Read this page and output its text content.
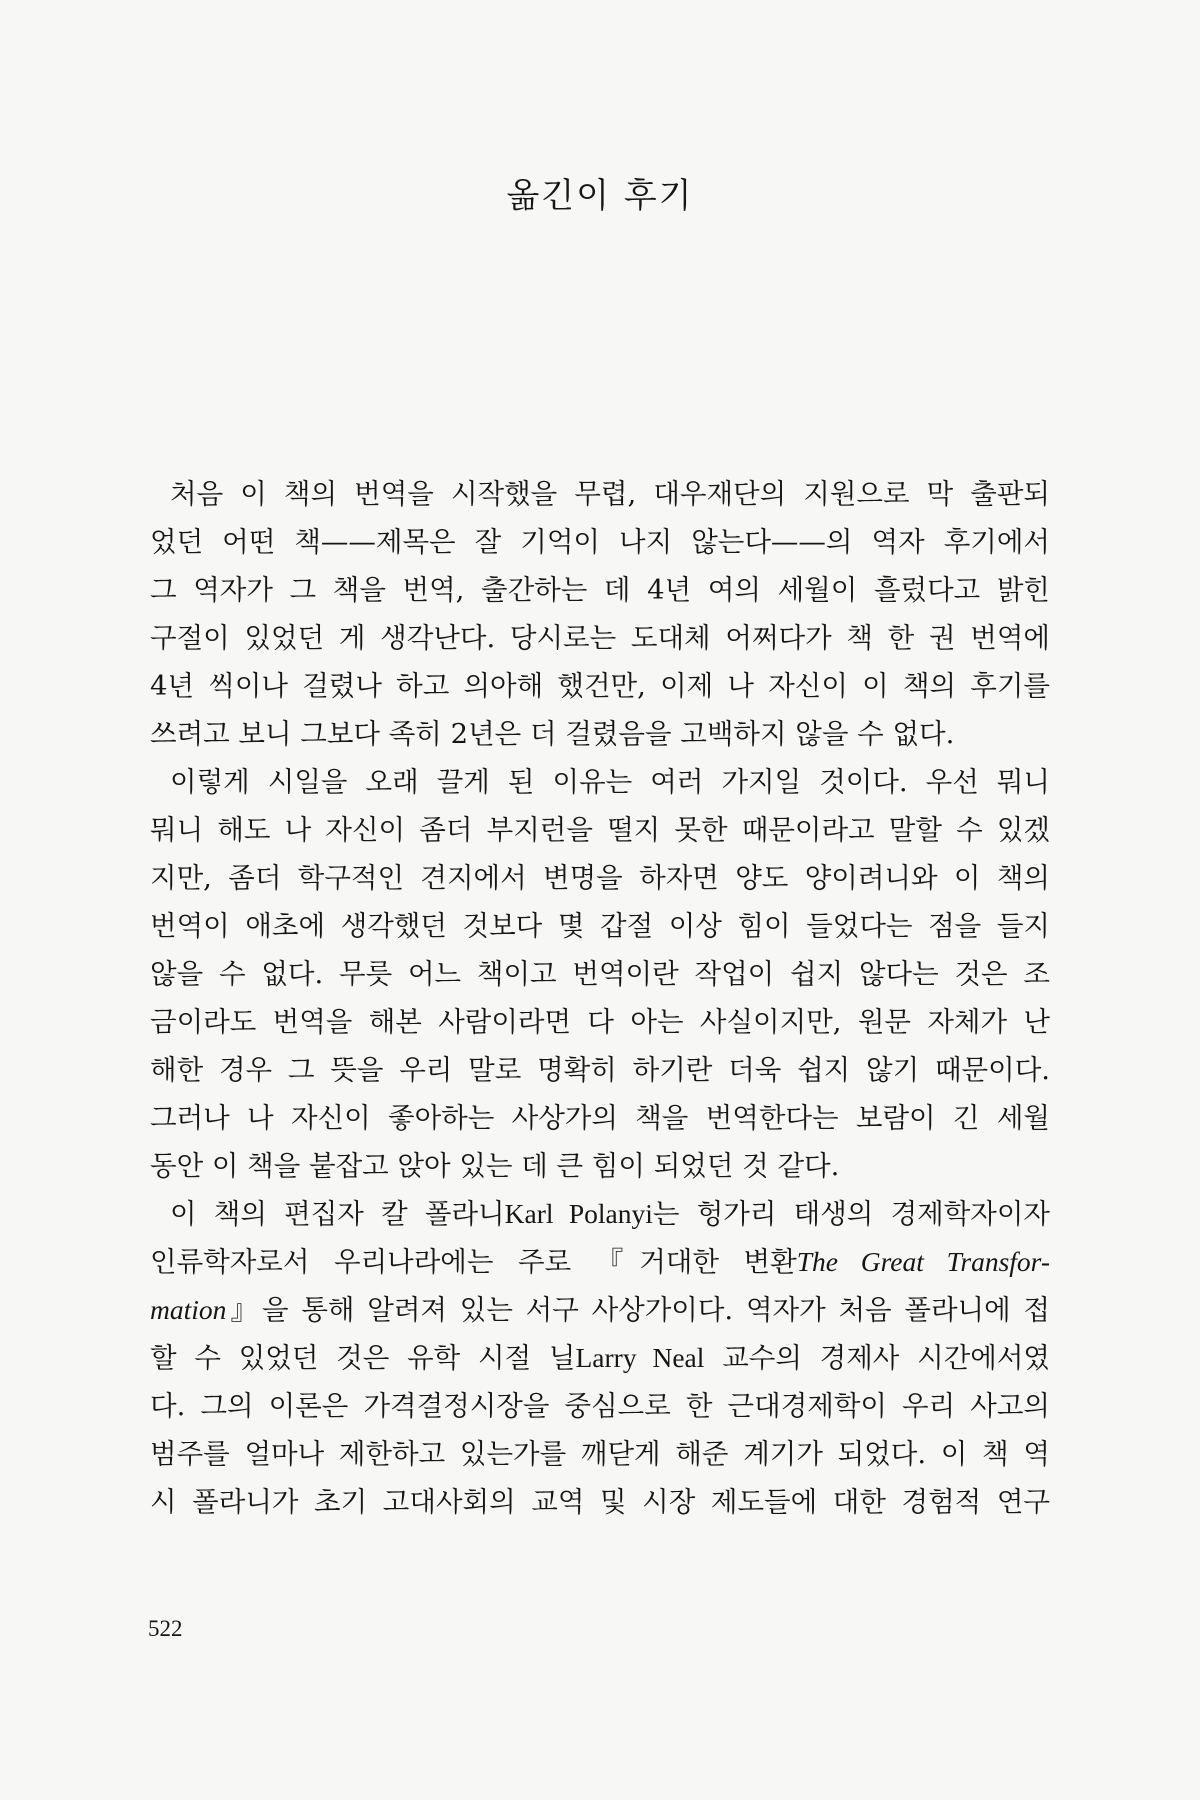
옮긴이 후기
처음 이 책의 번역을 시작했을 무렵, 대우재단의 지원으로 막 출판되
었던 어떤 책——제목은 잘 기억이 나지 않는다——의 역자 후기에서
그 역자가 그 책을 번역, 출간하는 데 4년 여의 세월이 흘렀다고 밝힌
구절이 있었던 게 생각난다. 당시로는 도대체 어쩌다가 책 한 권 번역에
4년 씩이나 걸렸나 하고 의아해 했건만, 이제 나 자신이 이 책의 후기를
쓰려고 보니 그보다 족히 2년은 더 걸렸음을 고백하지 않을 수 없다.
이렇게 시일을 오래 끌게 된 이유는 여러 가지일 것이다. 우선 뭐니
뭐니 해도 나 자신이 좀더 부지런을 떨지 못한 때문이라고 말할 수 있겠
지만, 좀더 학구적인 견지에서 변명을 하자면 양도 양이려니와 이 책의
번역이 애초에 생각했던 것보다 몇 갑절 이상 힘이 들었다는 점을 들지
않을 수 없다. 무릇 어느 책이고 번역이란 작업이 쉽지 않다는 것은 조
금이라도 번역을 해본 사람이라면 다 아는 사실이지만, 원문 자체가 난
해한 경우 그 뜻을 우리 말로 명확히 하기란 더욱 쉽지 않기 때문이다.
그러나 나 자신이 좋아하는 사상가의 책을 번역한다는 보람이 긴 세월
동안 이 책을 붙잡고 앉아 있는 데 큰 힘이 되었던 것 같다.
이 책의 편집자 칼 폴라니Karl Polanyi는 헝가리 태생의 경제학자이자
인류학자로서 우리나라에는 주로 『거대한 변환The Great Transfor-
mation』을 통해 알려져 있는 서구 사상가이다. 역자가 처음 폴라니에 접
할 수 있었던 것은 유학 시절 닐Larry Neal 교수의 경제사 시간에서였
다. 그의 이론은 가격결정시장을 중심으로 한 근대경제학이 우리 사고의
범주를 얼마나 제한하고 있는가를 깨닫게 해준 계기가 되었다. 이 책 역
시 폴라니가 초기 고대사회의 교역 및 시장 제도들에 대한 경험적 연구
522
